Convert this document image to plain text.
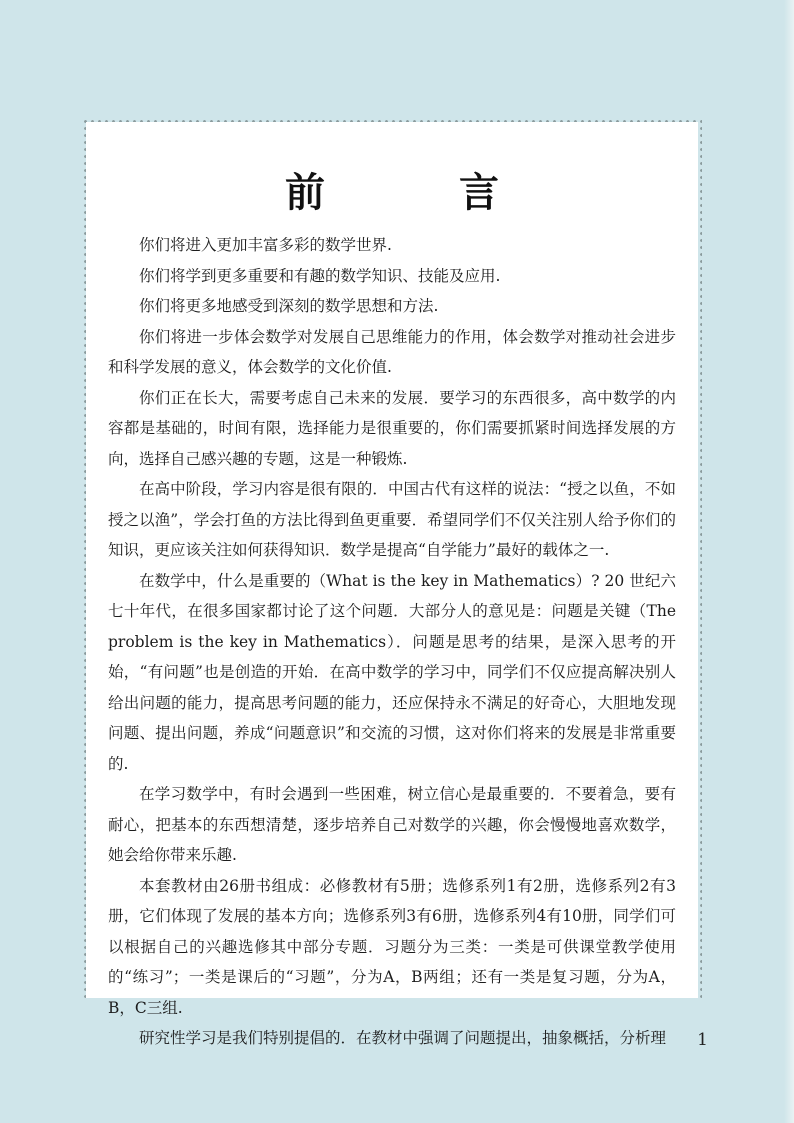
前 言

你们将进入更加丰富多彩的数学世界.

你们将学到更多重要和有趣的数学知识、技能及应用.

你们将更多地感受到深刻的数学思想和方法.

你们将进一步体会数学对发展自己思维能力的作用，体会数学对推动社会进步和科学发展的意义，体会数学的文化价值.

你们正在长大，需要考虑自己未来的发展．要学习的东西很多，高中数学的内容都是基础的，时间有限，选择能力是很重要的，你们需要抓紧时间选择发展的方向，选择自己感兴趣的专题，这是一种锻炼.

在高中阶段，学习内容是很有限的．中国古代有这样的说法：“授之以鱼，不如授之以渔”，学会打鱼的方法比得到鱼更重要．希望同学们不仅关注别人给予你们的知识，更应该关注如何获得知识．数学是提高“自学能力”最好的载体之一.

在数学中，什么是重要的（What is the key in Mathematics）? 20 世纪六七十年代，在很多国家都讨论了这个问题．大部分人的意见是：问题是关键（The problem is the key in Mathematics）．问题是思考的结果，是深入思考的开始，“有问题”也是创造的开始．在高中数学的学习中，同学们不仅应提高解决别人给出问题的能力，提高思考问题的能力，还应保持永不满足的好奇心，大胆地发现问题、提出问题，养成“问题意识”和交流的习惯，这对你们将来的发展是非常重要的.

在学习数学中，有时会遇到一些困难，树立信心是最重要的．不要着急，要有耐心，把基本的东西想清楚，逐步培养自己对数学的兴趣，你会慢慢地喜欢数学，她会给你带来乐趣.

本套教材由26册书组成：必修教材有5册；选修系列1有2册，选修系列2有3册，它们体现了发展的基本方向；选修系列3有6册，选修系列4有10册，同学们可以根据自己的兴趣选修其中部分专题．习题分为三类：一类是可供课堂教学使用的“练习”；一类是课后的“习题”，分为A，B两组；还有一类是复习题，分为A，B，C三组.

研究性学习是我们特别提倡的．在教材中强调了问题提出，抽象概括，分析理	1
